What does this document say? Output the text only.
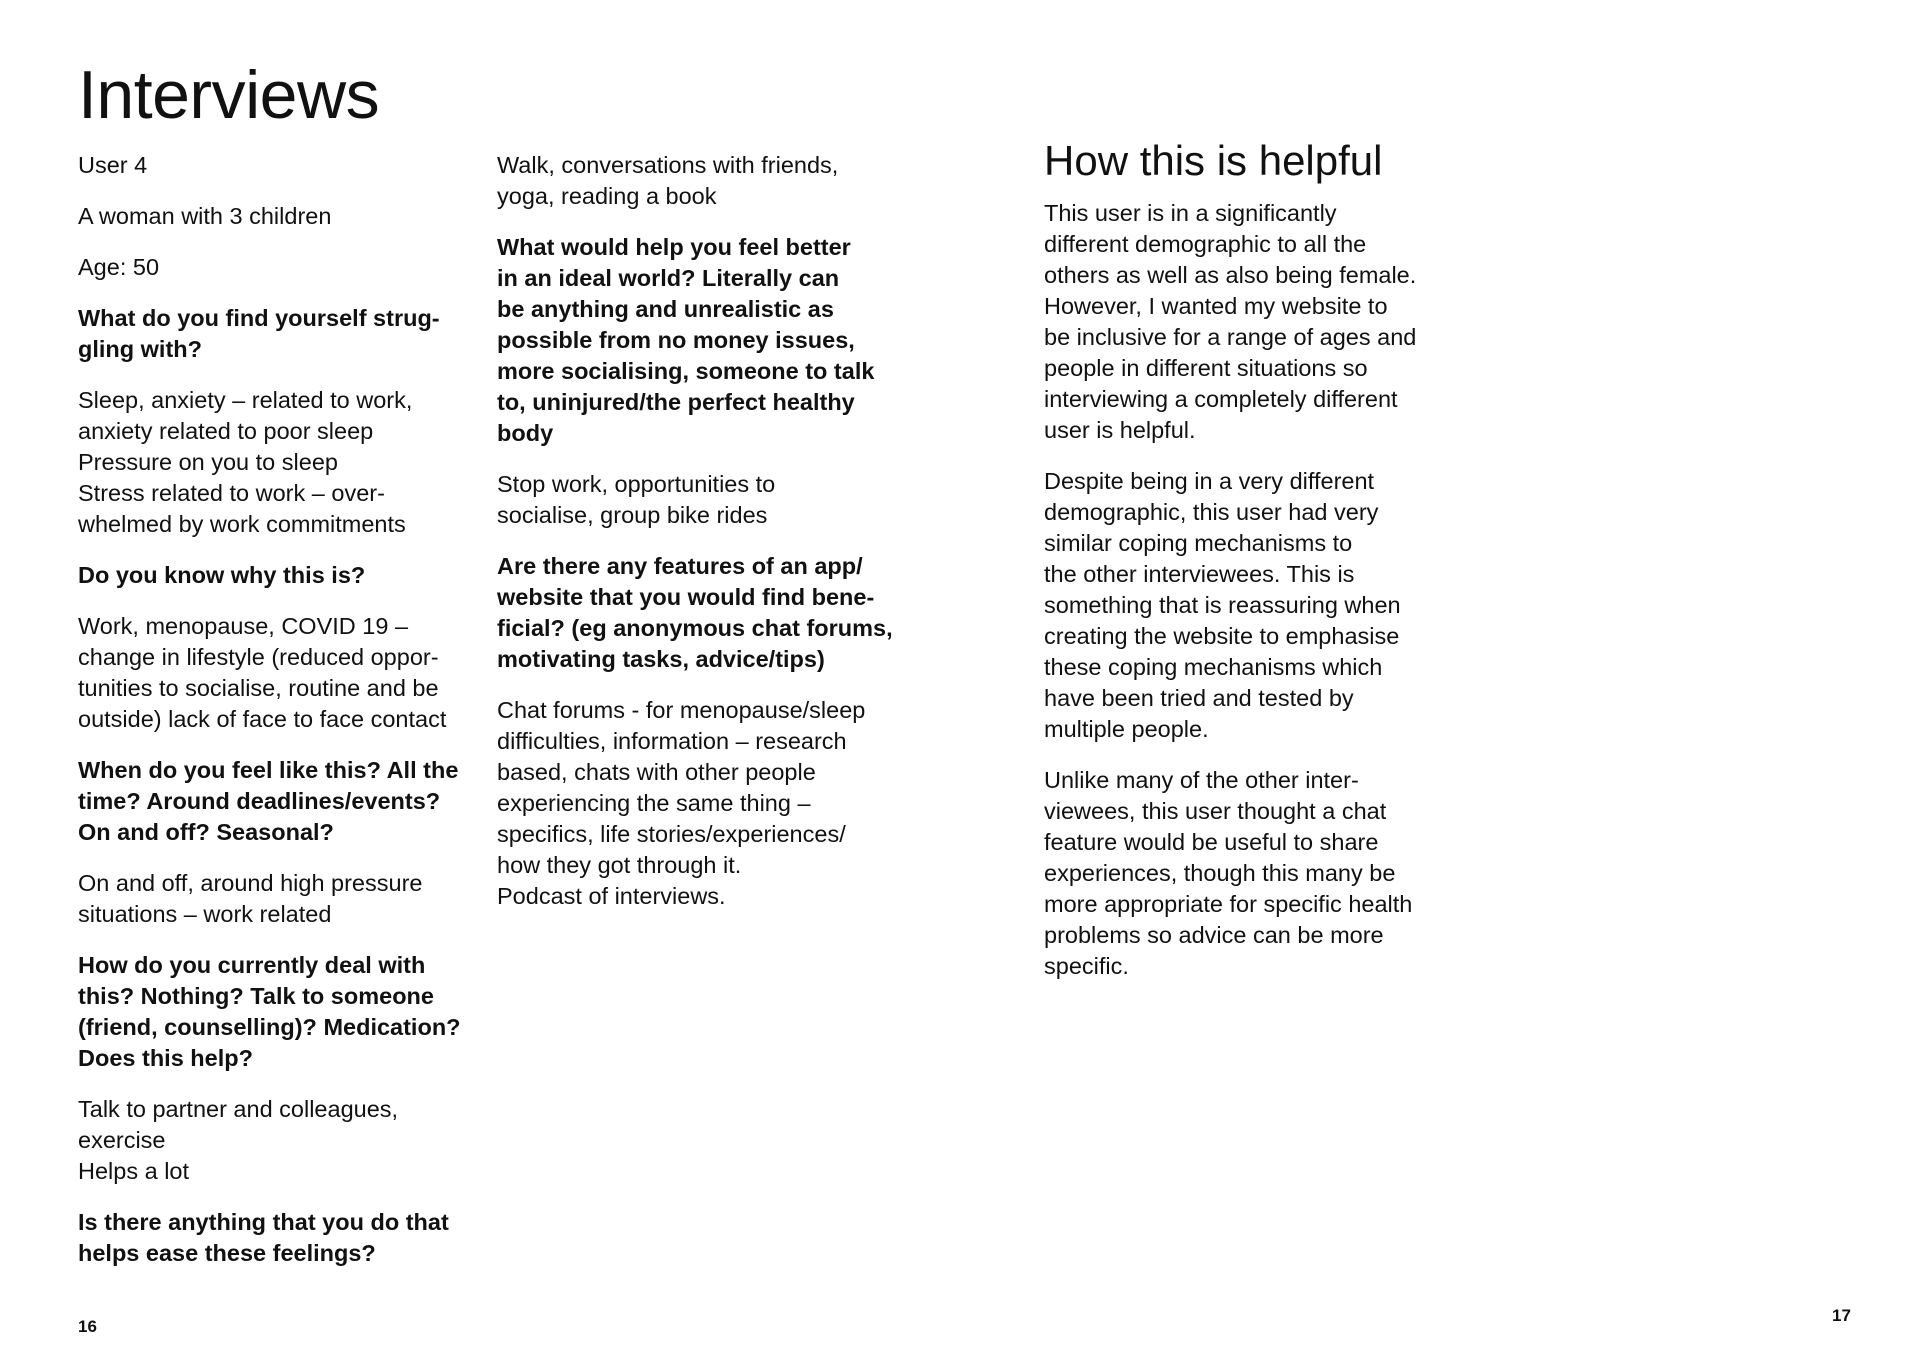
Interviews

User 4

A woman with 3 children

Age: 50

What do you find yourself strug-
gling with?

Sleep, anxiety – related to work,
anxiety related to poor sleep
Pressure on you to sleep
Stress related to work – over-
whelmed by work commitments

Do you know why this is?

Work, menopause, COVID 19 –
change in lifestyle (reduced oppor-
tunities to socialise, routine and be
outside) lack of face to face contact

When do you feel like this? All the
time? Around deadlines/events?
On and off? Seasonal?

On and off, around high pressure
situations – work related

How do you currently deal with
this? Nothing? Talk to someone
(friend, counselling)? Medication?
Does this help?

Talk to partner and colleagues,
exercise
Helps a lot

Is there anything that you do that
helps ease these feelings?

Walk, conversations with friends,
yoga, reading a book

What would help you feel better
in an ideal world? Literally can
be anything and unrealistic as
possible from no money issues,
more socialising, someone to talk
to, uninjured/the perfect healthy
body

Stop work, opportunities to
socialise, group bike rides

Are there any features of an app/
website that you would find bene-
ficial? (eg anonymous chat forums,
motivating tasks, advice/tips)

Chat forums - for menopause/sleep
difficulties, information – research
based, chats with other people
experiencing the same thing –
specifics, life stories/experiences/
how they got through it.
Podcast of interviews.

How this is helpful

This user is in a significantly
different demographic to all the
others as well as also being female.
However, I wanted my website to
be inclusive for a range of ages and
people in different situations so
interviewing a completely different
user is helpful.

Despite being in a very different
demographic, this user had very
similar coping mechanisms to
the other interviewees. This is
something that is reassuring when
creating the website to emphasise
these coping mechanisms which
have been tried and tested by
multiple people.

Unlike many of the other inter-
viewees, this user thought a chat
feature would be useful to share
experiences, though this many be
more appropriate for specific health
problems so advice can be more
specific.

16
17
